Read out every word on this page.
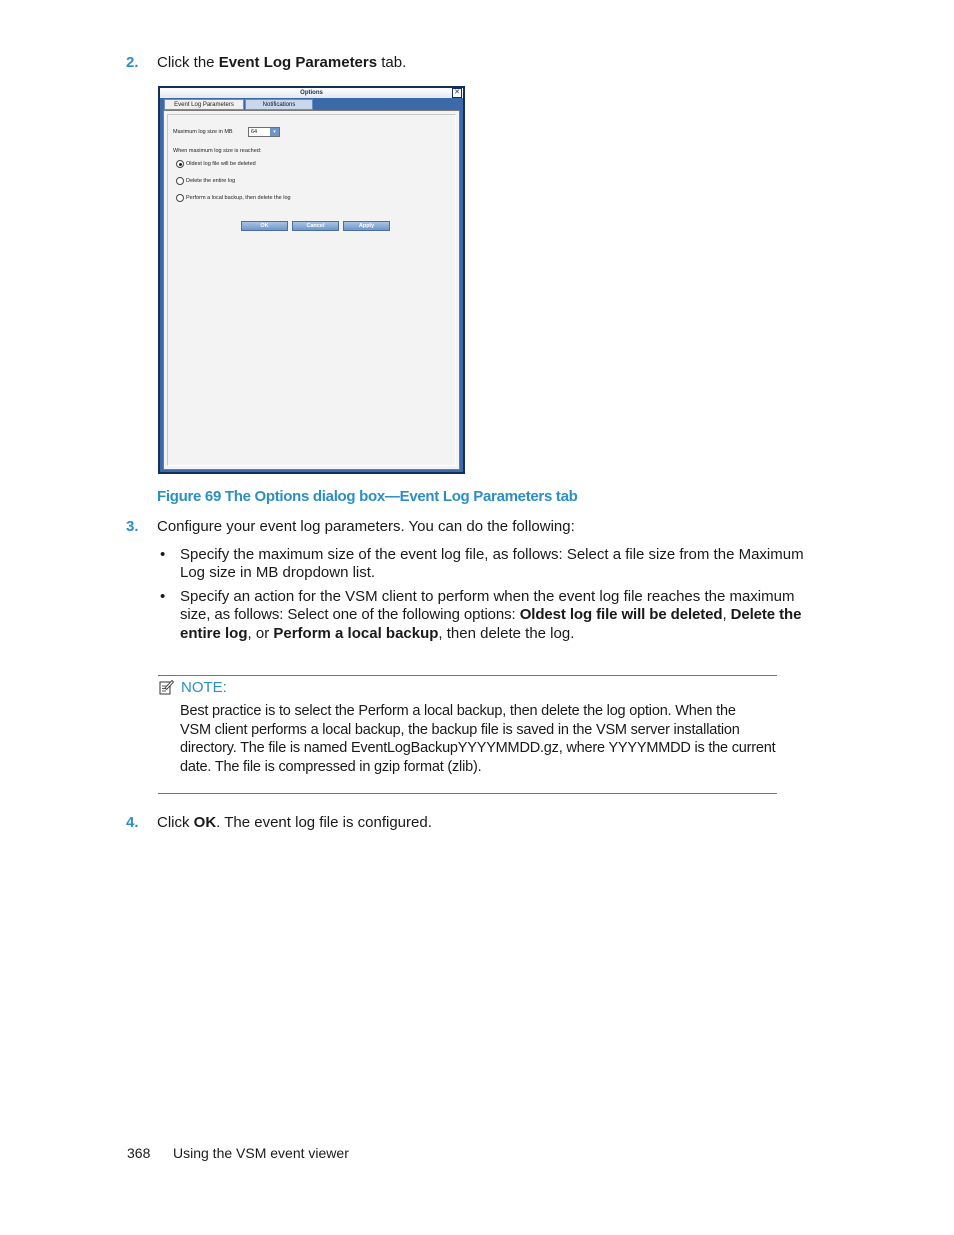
2. Click the Event Log Parameters tab.
Options	✕
Event Log Parameters	Notifications
Maximum log size in MB	64	▾
When maximum log size is reached:
Oldest log file will be deleted
Delete the entire log
Perform a local backup, then delete the log
OK	Cancel	Apply
Figure 69 The Options dialog box—Event Log Parameters tab
3. Configure your event log parameters. You can do the following:
• Specify the maximum size of the event log file, as follows: Select a file size from the Maximum
Log size in MB dropdown list.
• Specify an action for the VSM client to perform when the event log file reaches the maximum
size, as follows: Select one of the following options: Oldest log file will be deleted, Delete the
entire log, or Perform a local backup, then delete the log.
NOTE:
Best practice is to select the Perform a local backup, then delete the log option. When the
VSM client performs a local backup, the backup file is saved in the VSM server installation
directory. The file is named EventLogBackupYYYYMMDD.gz, where YYYYMMDD is the current
date. The file is compressed in gzip format (zlib).
4. Click OK. The event log file is configured.
368 Using the VSM event viewer
